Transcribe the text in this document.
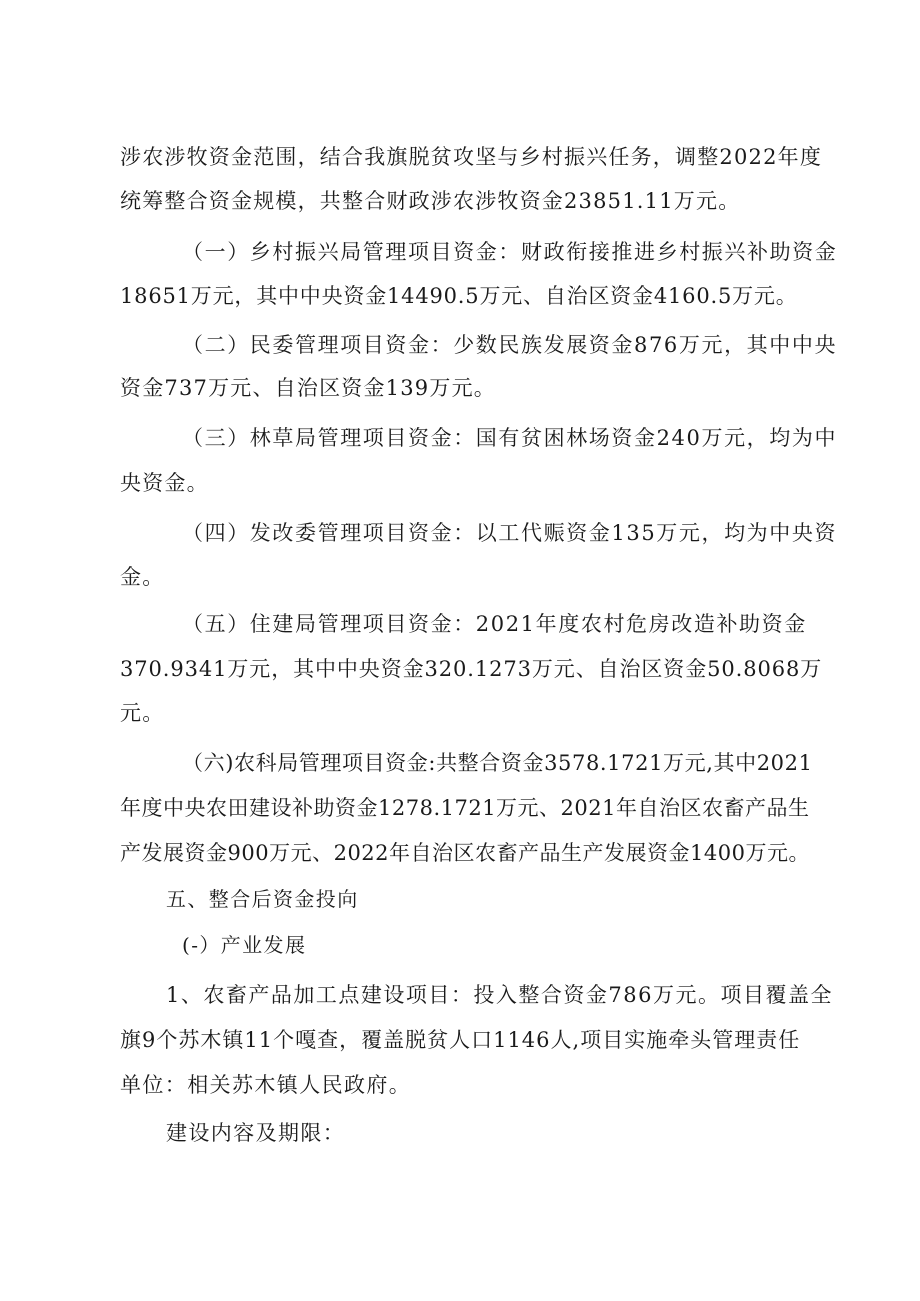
涉农涉牧资金范围，结合我旗脱贫攻坚与乡村振兴任务，调整2022年度
统筹整合资金规模，共整合财政涉农涉牧资金23851.11万元。
（一）乡村振兴局管理项目资金：财政衔接推进乡村振兴补助资金
18651万元，其中中央资金14490.5万元、自治区资金4160.5万元。
（二）民委管理项目资金：少数民族发展资金876万元，其中中央
资金737万元、自治区资金139万元。
（三）林草局管理项目资金：国有贫困林场资金240万元，均为中
央资金。
（四）发改委管理项目资金：以工代赈资金135万元，均为中央资
金。
（五）住建局管理项目资金：2021年度农村危房改造补助资金
370.9341万元，其中中央资金320.1273万元、自治区资金50.8068万
元。
（六)农科局管理项目资金:共整合资金3578.1721万元,其中2021
年度中央农田建设补助资金1278.1721万元、2021年自治区农畜产品生
产发展资金900万元、2022年自治区农畜产品生产发展资金1400万元。
五、整合后资金投向
(-）产业发展
1、农畜产品加工点建设项目：投入整合资金786万元。项目覆盖全
旗9个苏木镇11个嘎查，覆盖脱贫人口1146人,项目实施牵头管理责任
单位：相关苏木镇人民政府。
建设内容及期限：
